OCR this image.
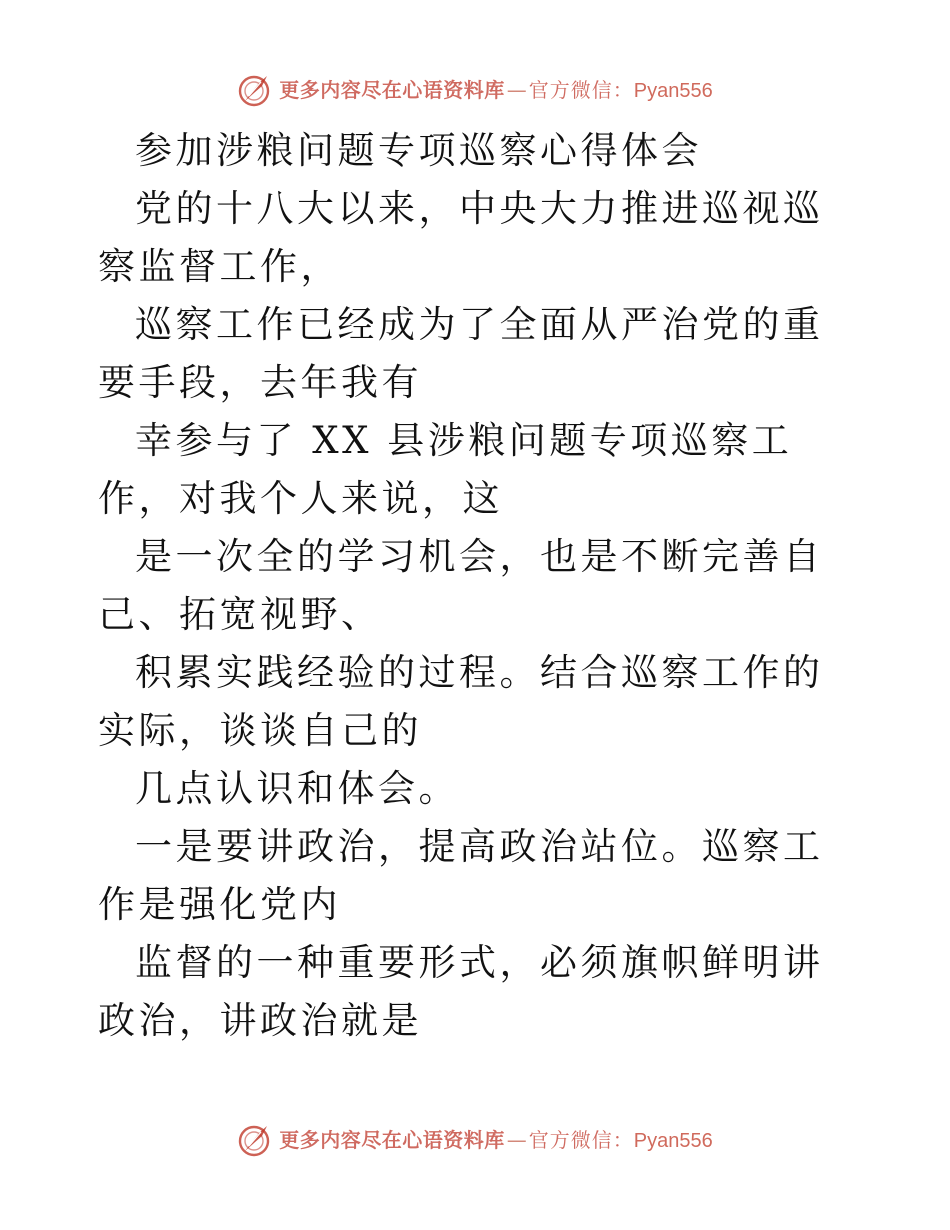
更多内容尽在心语资料库 — 官方微信： Pyan556

参加涉粮问题专项巡察心得体会

党的十八大以来，中央大力推进巡视巡察监督工作，

巡察工作已经成为了全面从严治党的重要手段，去年我有

幸参与了 XX 县涉粮问题专项巡察工作，对我个人来说，这

是一次全的学习机会，也是不断完善自己、拓宽视野、

积累实践经验的过程。结合巡察工作的实际，谈谈自己的

几点认识和体会。

一是要讲政治，提高政治站位。巡察工作是强化党内

监督的一种重要形式，必须旗帜鲜明讲政治，讲政治就是

更多内容尽在心语资料库 — 官方微信： Pyan556
